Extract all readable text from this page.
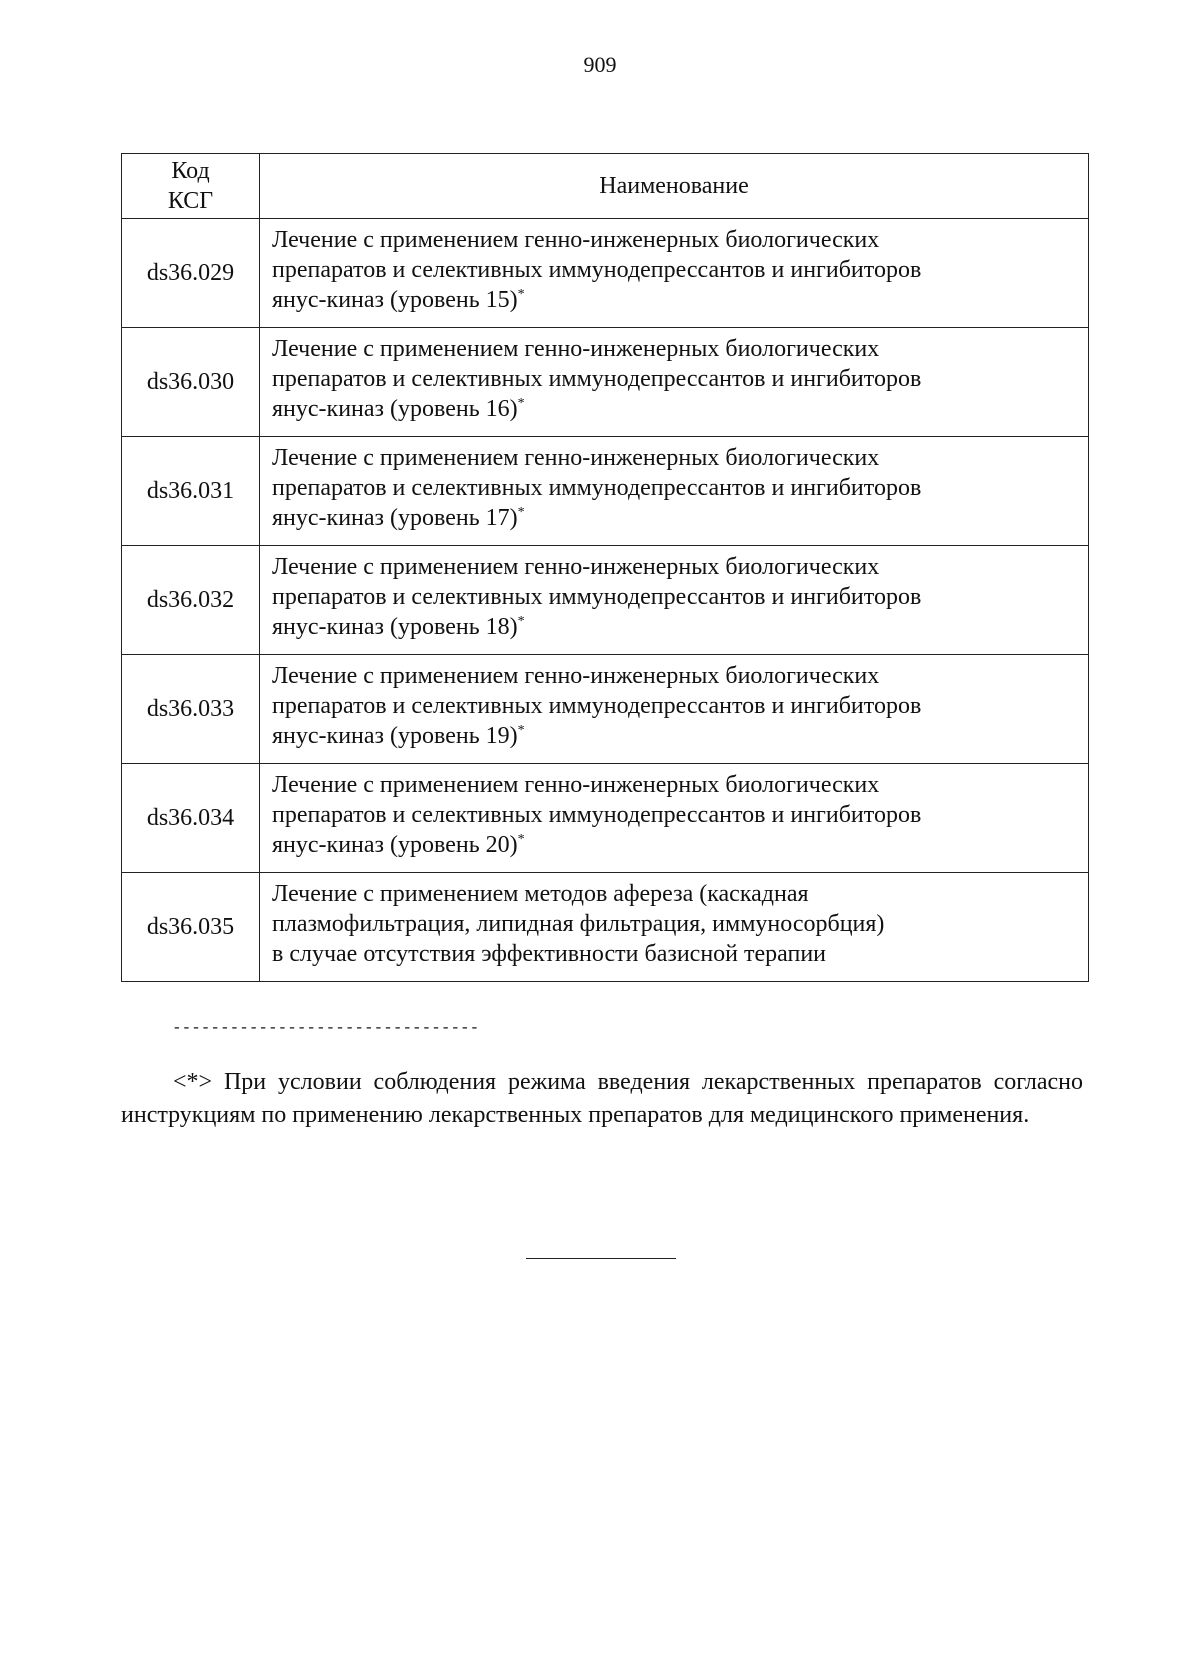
909
Код
КСГ	Наименование
ds36.029	Лечение с применением генно-инженерных биологических
препаратов и селективных иммунодепрессантов и ингибиторов
янус-киназ (уровень 15)*
ds36.030	Лечение с применением генно-инженерных биологических
препаратов и селективных иммунодепрессантов и ингибиторов
янус-киназ (уровень 16)*
ds36.031	Лечение с применением генно-инженерных биологических
препаратов и селективных иммунодепрессантов и ингибиторов
янус-киназ (уровень 17)*
ds36.032	Лечение с применением генно-инженерных биологических
препаратов и селективных иммунодепрессантов и ингибиторов
янус-киназ (уровень 18)*
ds36.033	Лечение с применением генно-инженерных биологических
препаратов и селективных иммунодепрессантов и ингибиторов
янус-киназ (уровень 19)*
ds36.034	Лечение с применением генно-инженерных биологических
препаратов и селективных иммунодепрессантов и ингибиторов
янус-киназ (уровень 20)*
ds36.035	Лечение с применением методов афереза (каскадная
плазмофильтрация, липидная фильтрация, иммуносорбция)
в случае отсутствия эффективности базисной терапии
--------------------------------

<*> При условии соблюдения режима введения лекарственных препаратов согласно инструкциям по применению лекарственных препаратов для медицинского применения.
